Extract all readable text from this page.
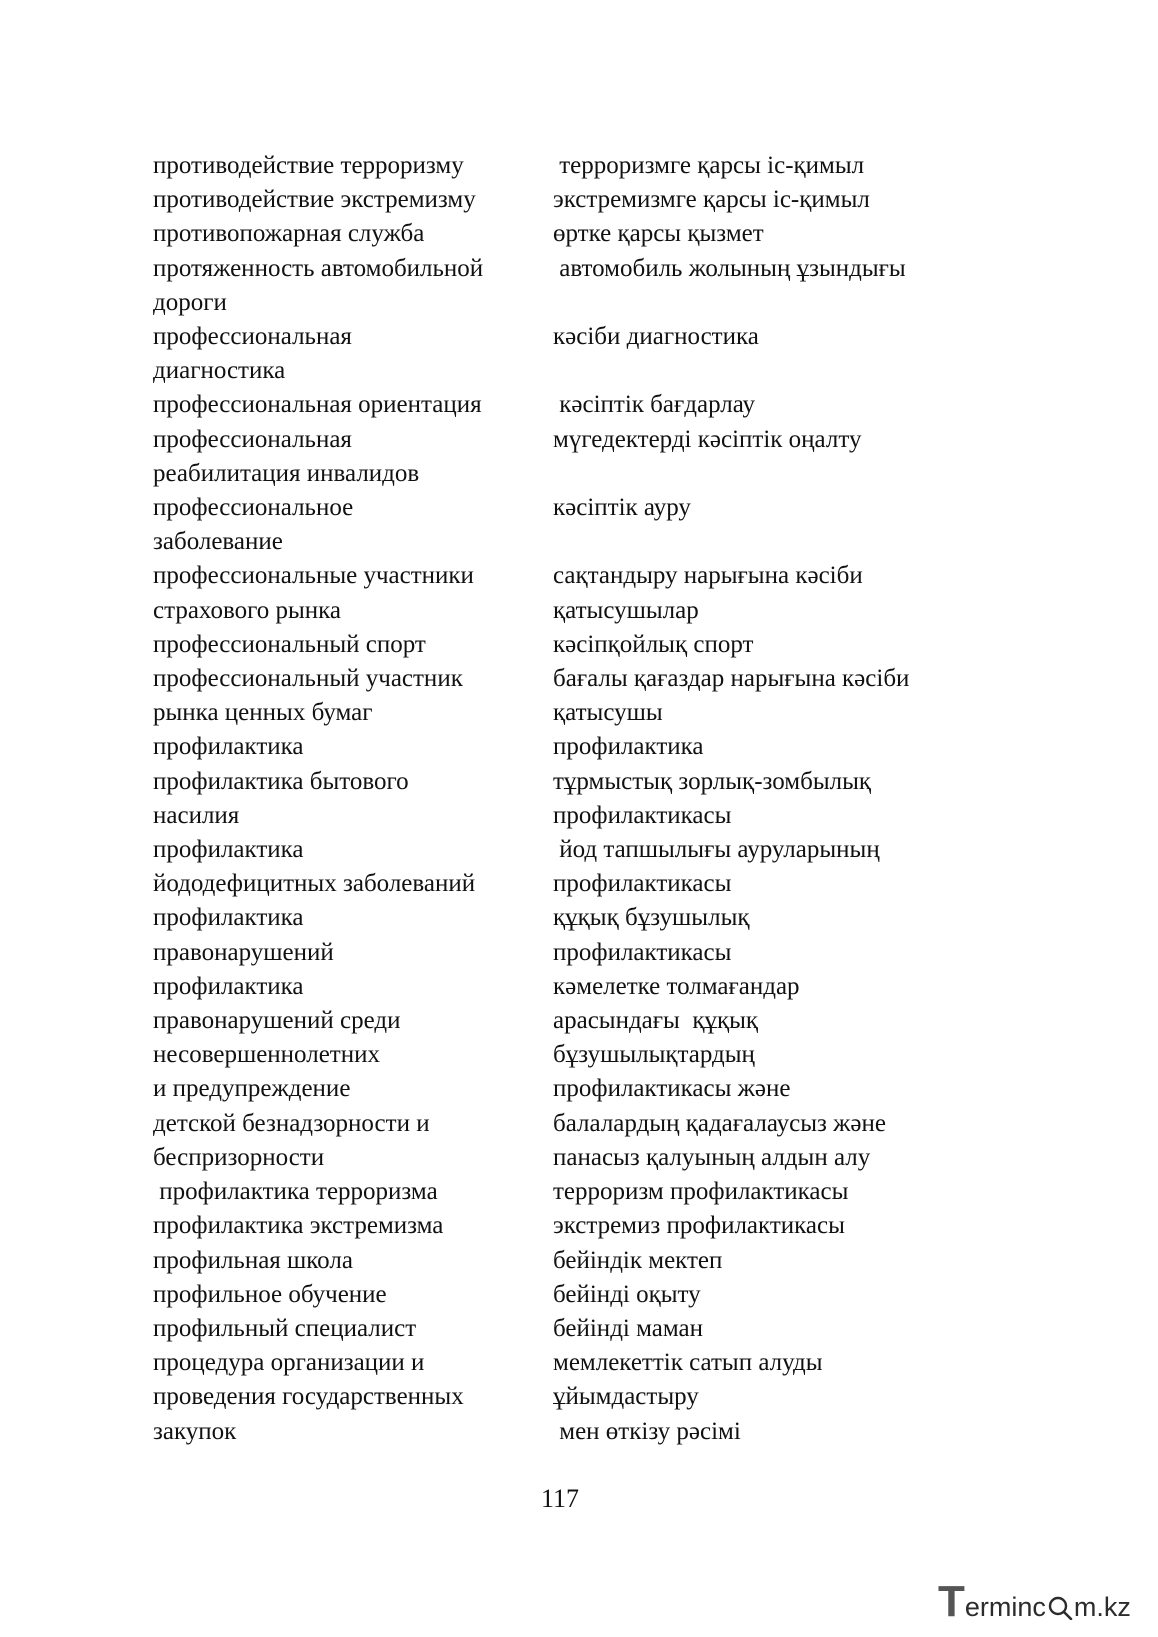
противодействие терроризму	терроризмге қарсы іс-қимыл
противодействие экстремизму	экстремизмге қарсы іс-қимыл
противопожарная служба	өртке қарсы қызмет
протяженность автомобильной	автомобиль жолының ұзындығы
дороги
профессиональная	кәсіби диагностика
диагностика
профессиональная ориентация	кәсіптік бағдарлау
профессиональная	мүгедектерді кәсіптік оңалту
реабилитация инвалидов
профессиональное	кәсіптік ауру
заболевание
профессиональные участники	сақтандыру нарығына кәсіби
страхового рынка	қатысушылар
профессиональный спорт	кәсіпқойлық спорт
профессиональный участник	бағалы қағаздар нарығына кәсіби
рынка ценных бумаг	қатысушы
профилактика	профилактика
профилактика бытового	тұрмыстық зорлық-зомбылық
насилия	профилактикасы
профилактика	йод тапшылығы ауруларының
йододефицитных заболеваний	профилактикасы
профилактика	құқық бұзушылық
правонарушений	профилактикасы
профилактика	кәмелетке толмағандар
правонарушений среди	арасындағы  құқық
несовершеннолетних	бұзушылықтардың
и предупреждение	профилактикасы және
детской безнадзорности и	балалардың қадағалаусыз және
беспризорности	панасыз қалуының алдын алу
профилактика терроризма	терроризм профилактикасы
профилактика экстремизма	экстремиз профилактикасы
профильная школа	бейіндік мектеп
профильное обучение	бейінді оқыту
профильный специалист	бейінді маман
процедура организации и	мемлекеттік сатып алуды
проведения государственных	ұйымдастыру
закупок	мен өткізу рәсімі
117
T erminc m.kz
